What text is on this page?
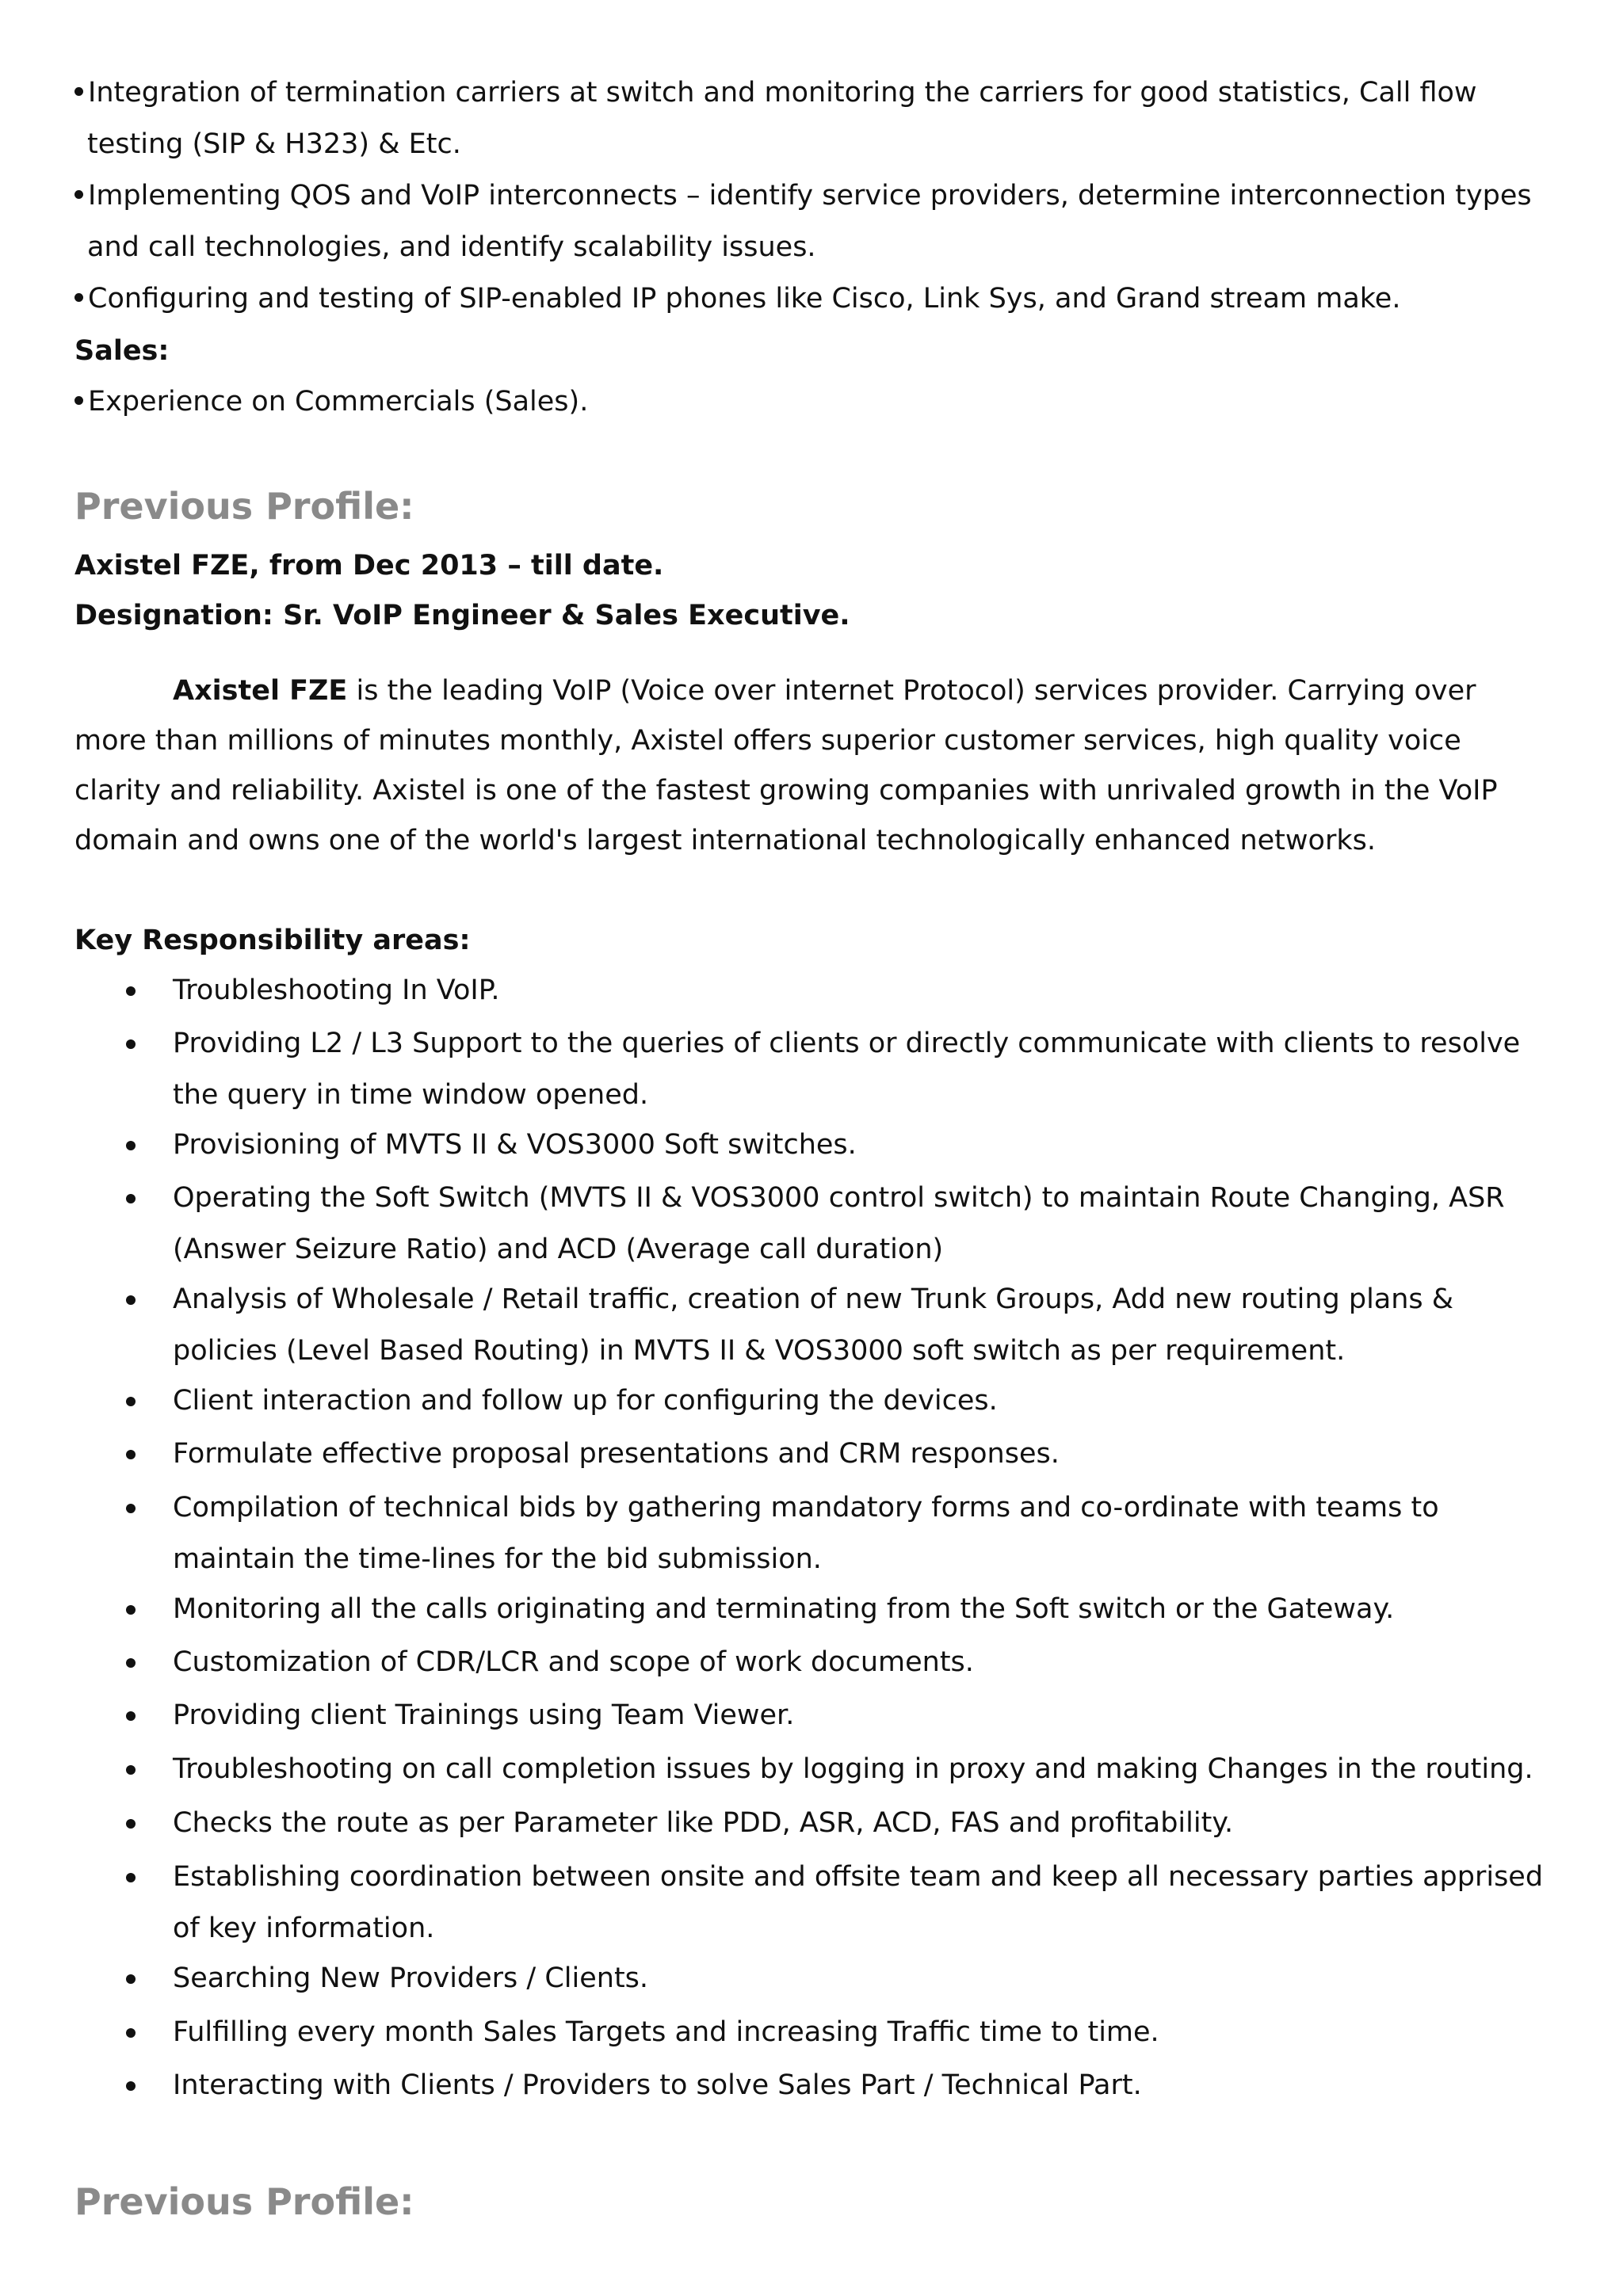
Integration of termination carriers at switch and monitoring the carriers for good statistics, Call flow
testing (SIP & H323) & Etc.
Implementing QOS and VoIP interconnects – identify service providers, determine interconnection types
and call technologies, and identify scalability issues.
Configuring and testing of SIP-enabled IP phones like Cisco, Link Sys, and Grand stream make.
Sales:
Experience on Commercials (Sales).
Previous Profile:
Axistel FZE, from Dec 2013 – till date.
Designation: Sr. VoIP Engineer & Sales Executive.
Axistel FZE is the leading VoIP (Voice over internet Protocol) services provider. Carrying over
more than millions of minutes monthly, Axistel offers superior customer services, high quality voice
clarity and reliability. Axistel is one of the fastest growing companies with unrivaled growth in the VoIP
domain and owns one of the world's largest international technologically enhanced networks.
Key Responsibility areas:
Troubleshooting In VoIP.
Providing L2 / L3 Support to the queries of clients or directly communicate with clients to resolve
the query in time window opened.
Provisioning of MVTS II & VOS3000 Soft switches.
Operating the Soft Switch (MVTS II & VOS3000 control switch) to maintain Route Changing, ASR
(Answer Seizure Ratio) and ACD (Average call duration)
Analysis of Wholesale / Retail traffic, creation of new Trunk Groups, Add new routing plans &
policies (Level Based Routing) in MVTS II & VOS3000 soft switch as per requirement.
Client interaction and follow up for configuring the devices.
Formulate effective proposal presentations and CRM responses.
Compilation of technical bids by gathering mandatory forms and co-ordinate with teams to
maintain the time-lines for the bid submission.
Monitoring all the calls originating and terminating from the Soft switch or the Gateway.
Customization of CDR/LCR and scope of work documents.
Providing client Trainings using Team Viewer.
Troubleshooting on call completion issues by logging in proxy and making Changes in the routing.
Checks the route as per Parameter like PDD, ASR, ACD, FAS and profitability.
Establishing coordination between onsite and offsite team and keep all necessary parties apprised
of key information.
Searching New Providers / Clients.
Fulfilling every month Sales Targets and increasing Traffic time to time.
Interacting with Clients / Providers to solve Sales Part / Technical Part.
Previous Profile:
